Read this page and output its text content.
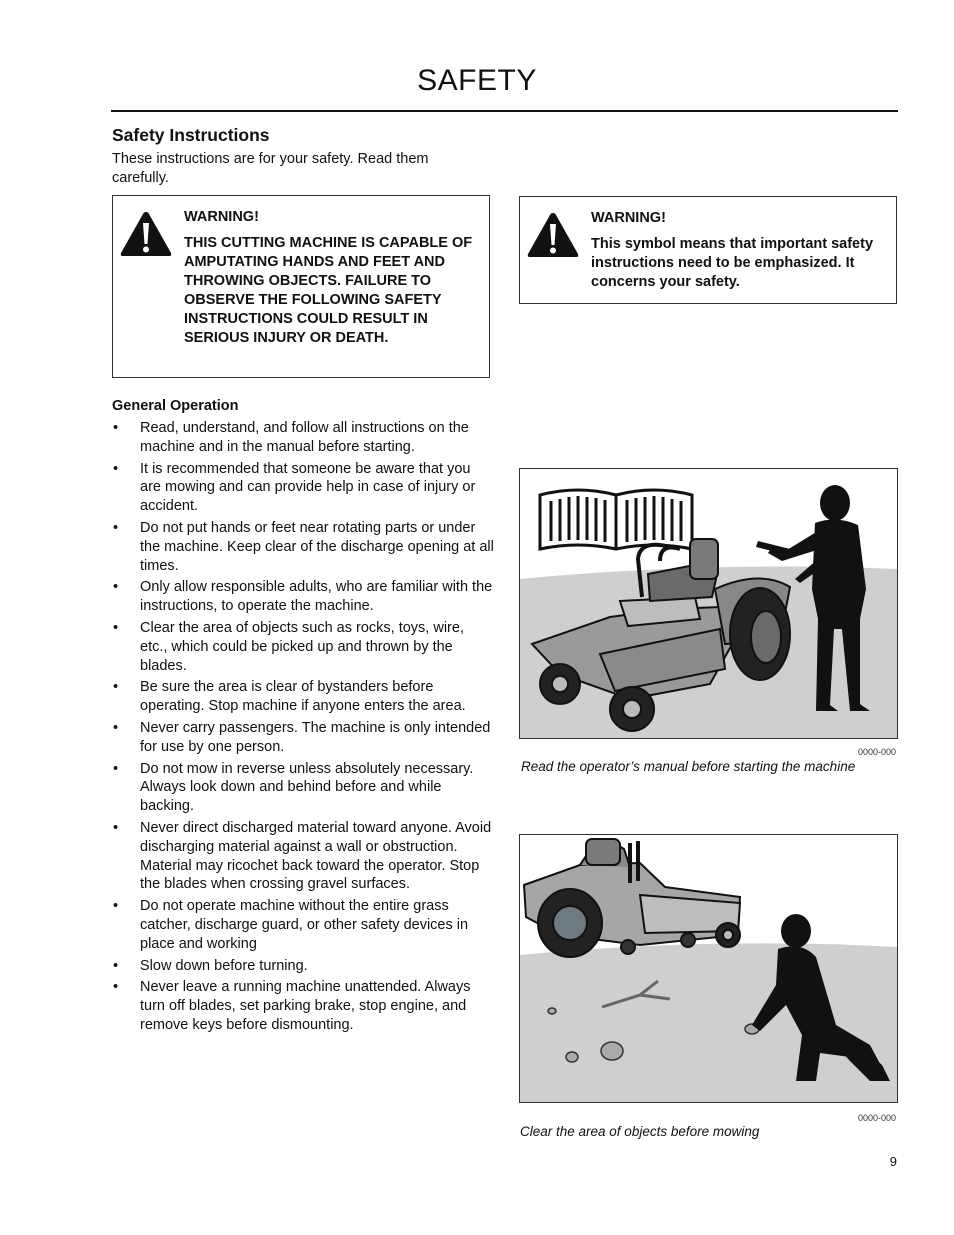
SAFETY
Safety Instructions
These instructions are for your safety. Read them carefully.
WARNING!
THIS CUTTING MACHINE IS CAPABLE OF AMPUTATING HANDS AND FEET AND THROWING OBJECTS. FAILURE TO OBSERVE THE FOLLOWING SAFETY INSTRUCTIONS COULD RESULT IN SERIOUS INJURY OR DEATH.
WARNING!
This symbol means that important safety instructions need to be emphasized. It concerns your safety.
General Operation
• Read, understand, and follow all instructions on the machine and in the manual before starting.
• It is recommended that someone be aware that you are mowing and can provide help in case of injury or accident.
• Do not put hands or feet near rotating parts or under the machine. Keep clear of the discharge opening at all times.
• Only allow responsible adults, who are familiar with the instructions, to operate the machine.
• Clear the area of objects such as rocks, toys, wire, etc., which could be picked up and thrown by the blades.
• Be sure the area is clear of bystanders before operating. Stop machine if anyone enters the area.
• Never carry passengers. The machine is only intended for use by one person.
• Do not mow in reverse unless absolutely necessary. Always look down and behind before and while backing.
• Never direct discharged material toward anyone. Avoid discharging material against a wall or obstruction. Material may ricochet back toward the operator. Stop the blades when crossing gravel surfaces.
• Do not operate machine without the entire grass catcher, discharge guard, or other safety devices in place and working
• Slow down before turning.
• Never leave a running machine unattended. Always turn off blades, set parking brake, stop engine, and remove keys before dismounting.
0000-000
Read the operator’s manual before starting the machine
0000-000
Clear the area of objects before mowing
9
